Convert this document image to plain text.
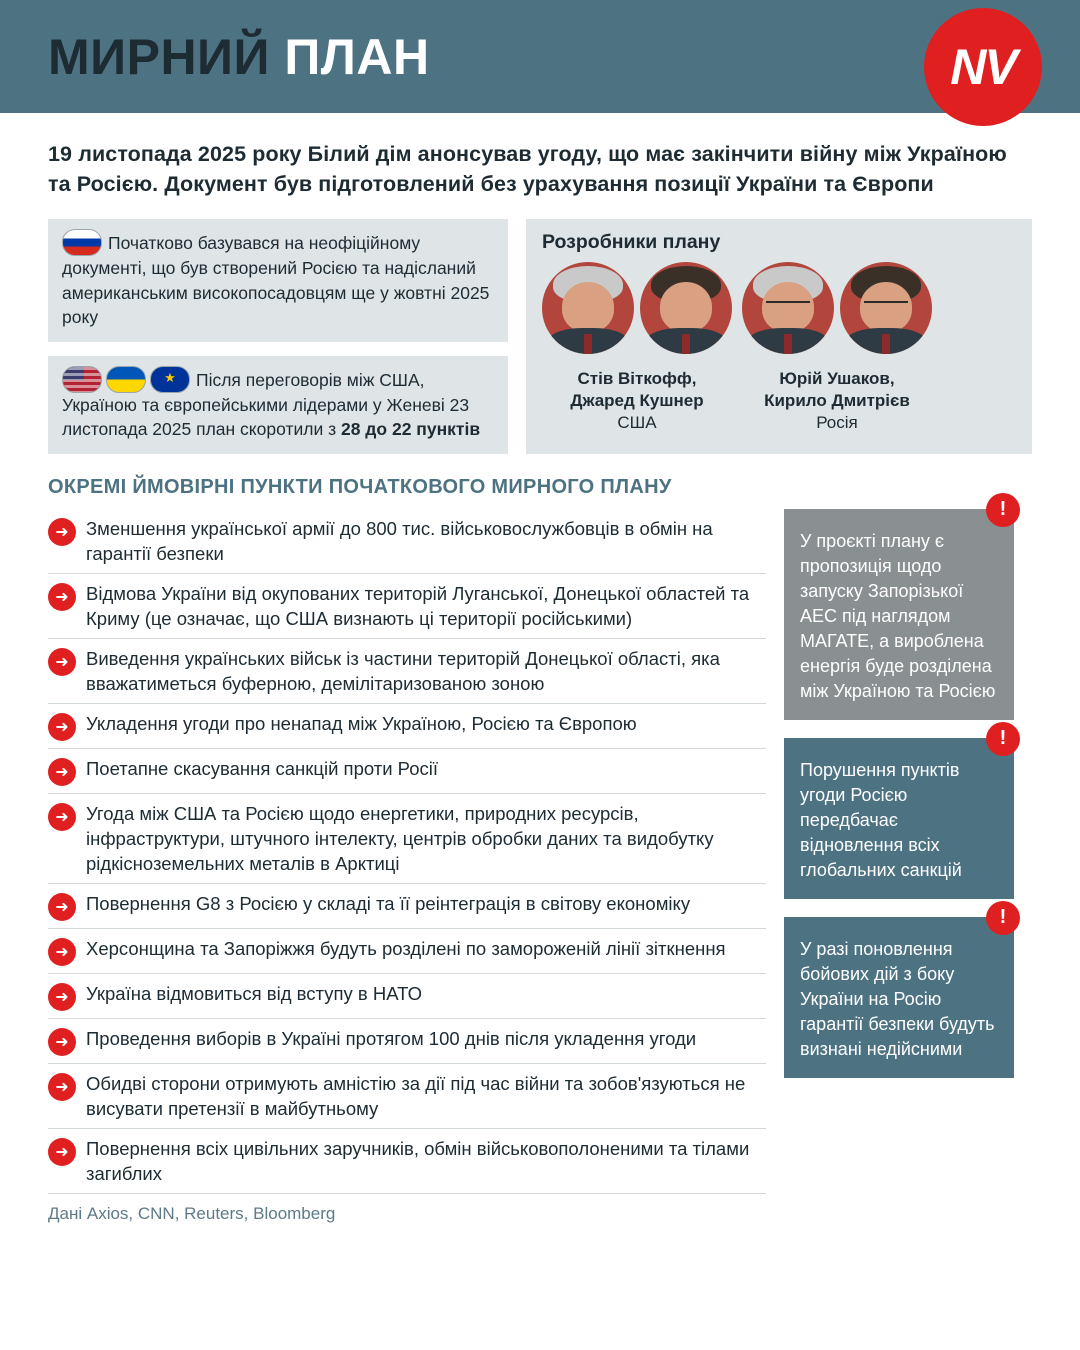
МИРНИЙ ПЛАН	NV
19 листопада 2025 року Білий дім анонсував угоду, що має закінчити війну між Україною та Росією. Документ був підготовлений без урахування позиції України та Європи
Початково базувався на неофіційному документі, що був створений Росією та надісланий американським високопосадовцям ще у жовтні 2025 року
★
Після переговорів між США, Україною та європейськими лідерами у Женеві 23 листопада 2025 план скоротили з 28 до 22 пунктів
Розробники плану
Стів Віткофф,
Джаред Кушнер
США
Юрій Ушаков,
Кирило Дмитрієв
Росія
ОКРЕМІ ЙМОВІРНІ ПУНКТИ ПОЧАТКОВОГО МИРНОГО ПЛАНУ
➜ Зменшення української армії до 800 тис. військовослужбовців в обмін на гарантії безпеки
➜ Відмова України від окупованих територій Луганської, Донецької областей та Криму (це означає, що США визнають ці території російськими)
➜ Виведення українських військ із частини територій Донецької області, яка вважатиметься буферною, демілітаризованою зоною
➜ Укладення угоди про ненапад між Україною, Росією та Європою
➜ Поетапне скасування санкцій проти Росії
➜ Угода між США та Росією щодо енергетики, природних ресурсів, інфраструктури, штучного інтелекту, центрів обробки даних та видобутку рідкісноземельних металів в Арктиці
➜ Повернення G8 з Росією у складі та її реінтеграція в світову економіку
➜ Херсонщина та Запоріжжя будуть розділені по замороженій лінії зіткнення
➜ Україна відмовиться від вступу в НАТО
➜ Проведення виборів в Україні протягом 100 днів після укладення угоди
➜ Обидві сторони отримують амністію за дії під час війни та зобов'язуються не висувати претензії в майбутньому
➜ Повернення всіх цивільних заручників, обмін військовополоненими та тілами загиблих
Дані Axios, CNN, Reuters, Bloomberg
!
У проєкті плану є пропозиція щодо запуску Запорізької АЕС під наглядом МАГАТЕ, а вироблена енергія буде розділена між Україною та Росією
!
Порушення пунктів угоди Росією передбачає відновлення всіх глобальних санкцій
!
У разі поновлення бойових дій з боку України на Росію гарантії безпеки будуть визнані недійсними
